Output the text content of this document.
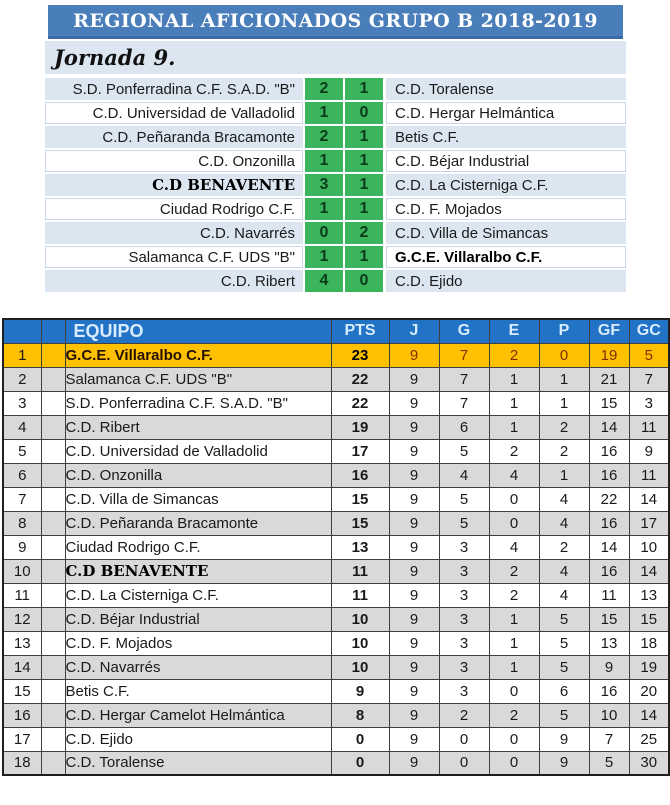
REGIONAL AFICIONADOS GRUPO B 2018-2019
Jornada 9.
S.D. Ponferradina C.F. S.A.D. "B"	2	1	C.D. Toralense
C.D. Universidad de Valladolid	1	0	C.D. Hergar Helmántica
C.D. Peñaranda Bracamonte	2	1	Betis C.F.
C.D. Onzonilla	1	1	C.D. Béjar Industrial
C.D BENAVENTE	3	1	C.D. La Cisterniga C.F.
Ciudad Rodrigo C.F.	1	1	C.D. F. Mojados
C.D. Navarrés	0	2	C.D. Villa de Simancas
Salamanca C.F. UDS "B"	1	1	G.C.E. Villaralbo C.F.
C.D. Ribert	4	0	C.D. Ejido
		EQUIPO	PTS	J	G	E	P	GF	GC
1		G.C.E. Villaralbo C.F.	23	9	7	2	0	19	5
2		Salamanca C.F. UDS "B"	22	9	7	1	1	21	7
3		S.D. Ponferradina C.F. S.A.D. "B"	22	9	7	1	1	15	3
4		C.D. Ribert	19	9	6	1	2	14	11
5		C.D. Universidad de Valladolid	17	9	5	2	2	16	9
6		C.D. Onzonilla	16	9	4	4	1	16	11
7		C.D. Villa de Simancas	15	9	5	0	4	22	14
8		C.D. Peñaranda Bracamonte	15	9	5	0	4	16	17
9		Ciudad Rodrigo C.F.	13	9	3	4	2	14	10
10		C.D BENAVENTE	11	9	3	2	4	16	14
11		C.D. La Cisterniga C.F.	11	9	3	2	4	11	13
12		C.D. Béjar Industrial	10	9	3	1	5	15	15
13		C.D. F. Mojados	10	9	3	1	5	13	18
14		C.D. Navarrés	10	9	3	1	5	9	19
15		Betis C.F.	9	9	3	0	6	16	20
16		C.D. Hergar Camelot Helmántica	8	9	2	2	5	10	14
17		C.D. Ejido	0	9	0	0	9	7	25
18		C.D. Toralense	0	9	0	0	9	5	30
